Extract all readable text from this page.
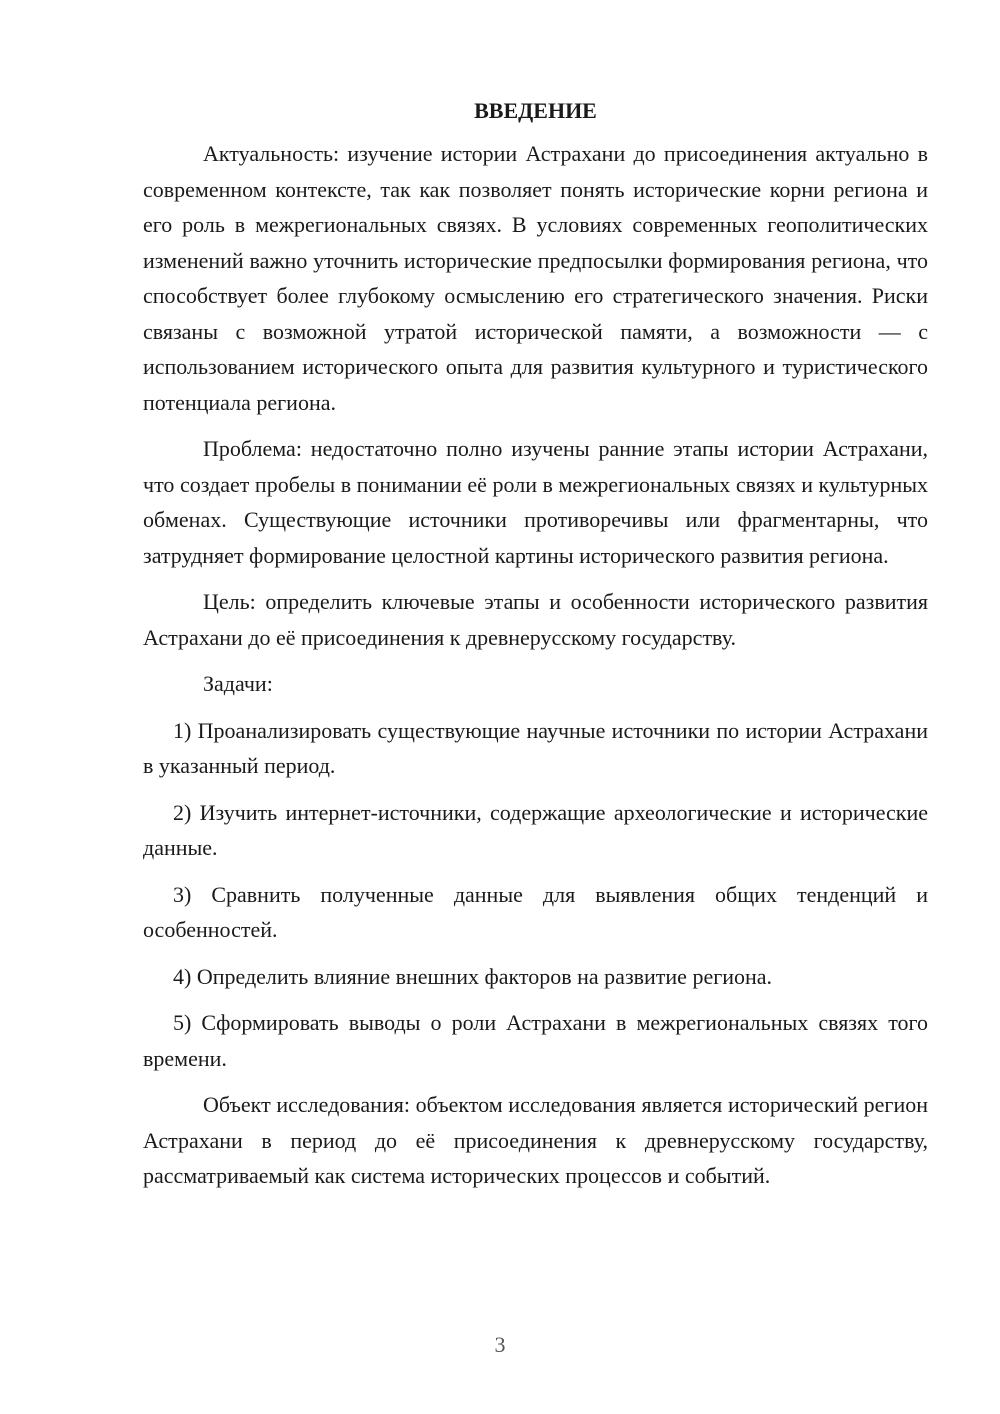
ВВЕДЕНИЕ

Актуальность: изучение истории Астрахани до присоединения актуально в современном контексте, так как позволяет понять исторические корни региона и его роль в межрегиональных связях. В условиях современных геополитических изменений важно уточнить исторические предпосылки формирования региона, что способствует более глубокому осмыслению его стратегического значения. Риски связаны с возможной утратой исторической памяти, а возможности — с использованием исторического опыта для развития культурного и туристического потенциала региона.

Проблема: недостаточно полно изучены ранние этапы истории Астрахани, что создает пробелы в понимании её роли в межрегиональных связях и культурных обменах. Существующие источники противоречивы или фрагментарны, что затрудняет формирование целостной картины исторического развития региона.

Цель: определить ключевые этапы и особенности исторического развития Астрахани до её присоединения к древнерусскому государству.

Задачи:

1) Проанализировать существующие научные источники по истории Астрахани в указанный период.

2) Изучить интернет-источники, содержащие археологические и исторические данные.

3) Сравнить полученные данные для выявления общих тенденций и особенностей.

4) Определить влияние внешних факторов на развитие региона.

5) Сформировать выводы о роли Астрахани в межрегиональных связях того времени.

Объект исследования: объектом исследования является исторический регион Астрахани в период до её присоединения к древнерусскому государству, рассматриваемый как система исторических процессов и событий.

3
